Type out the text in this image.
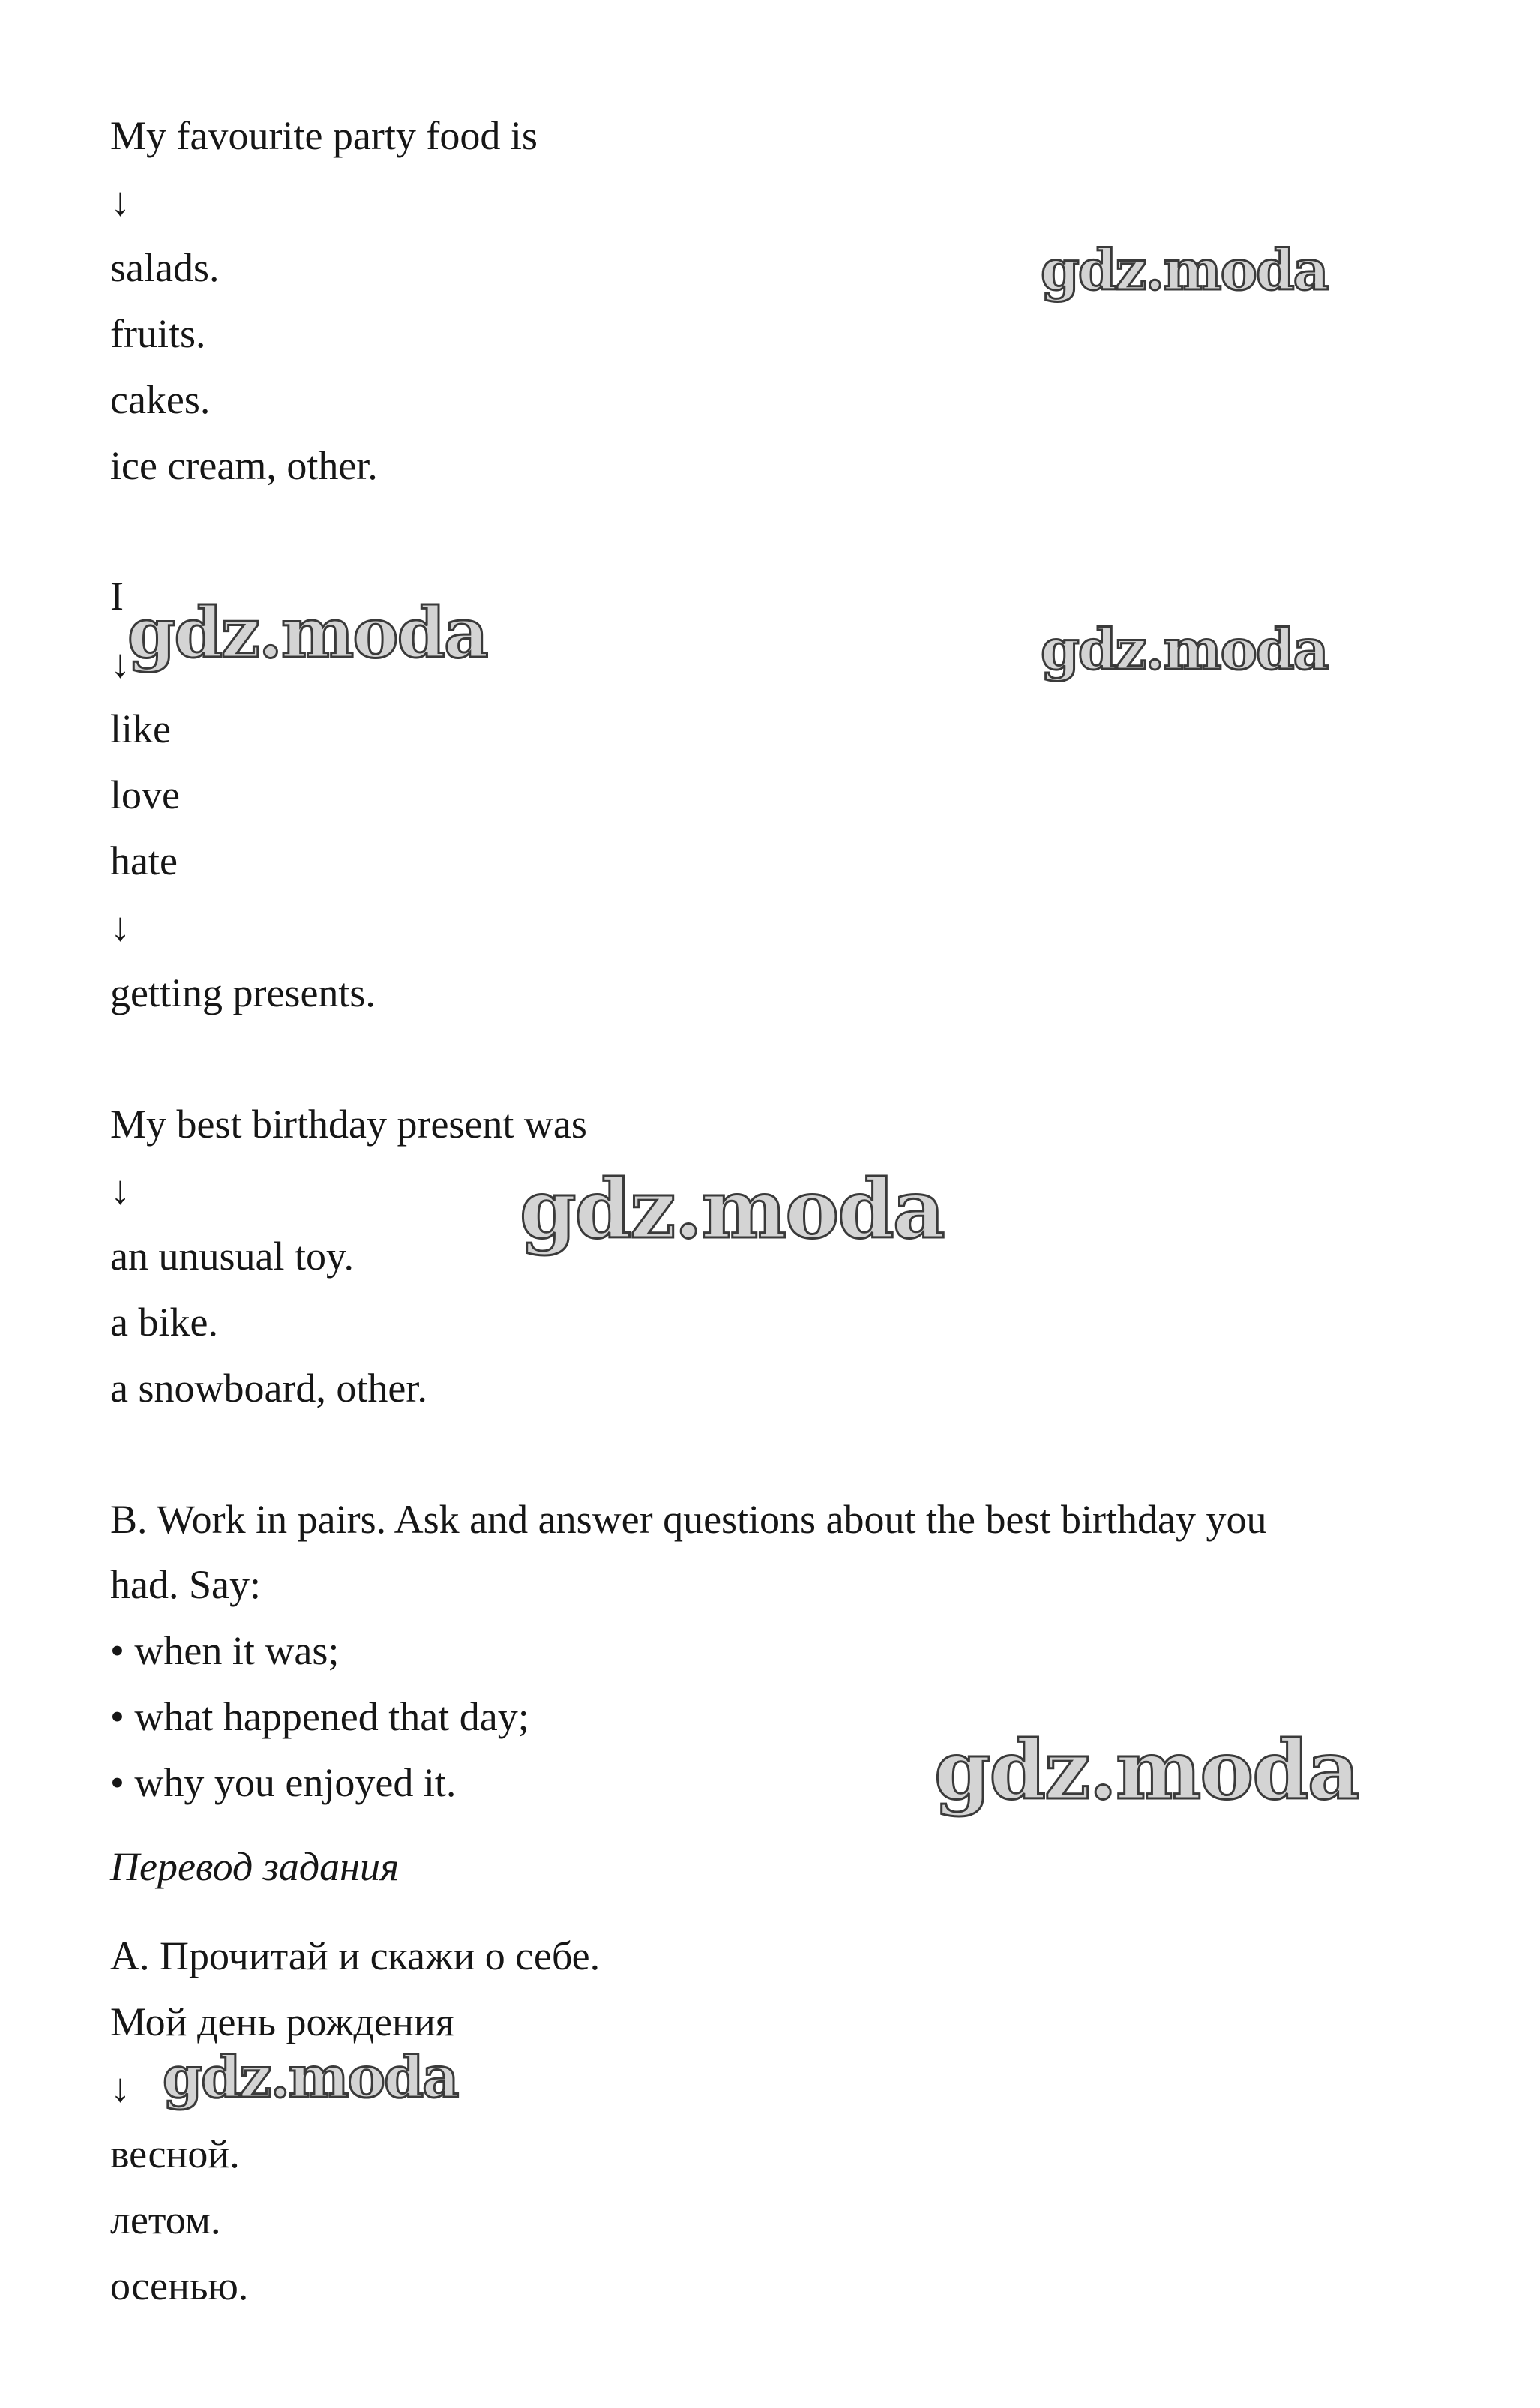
My favourite party food is
↓
salads.
fruits.
cakes.
ice cream, other.
I
↓
like
love
hate
↓
getting presents.
My best birthday present was
↓
an unusual toy.
a bike.
a snowboard, other.
B. Work in pairs. Ask and answer questions about the best birthday you
had. Say:
• when it was;
• what happened that day;
• why you enjoyed it.
Перевод задания
А. Прочитай и скажи о себе.
Мой день рождения
↓
весной.
летом.
осенью.
gdz.moda
gdz.moda	gdz.moda
gdz.moda
gdz.moda
gdz.moda
